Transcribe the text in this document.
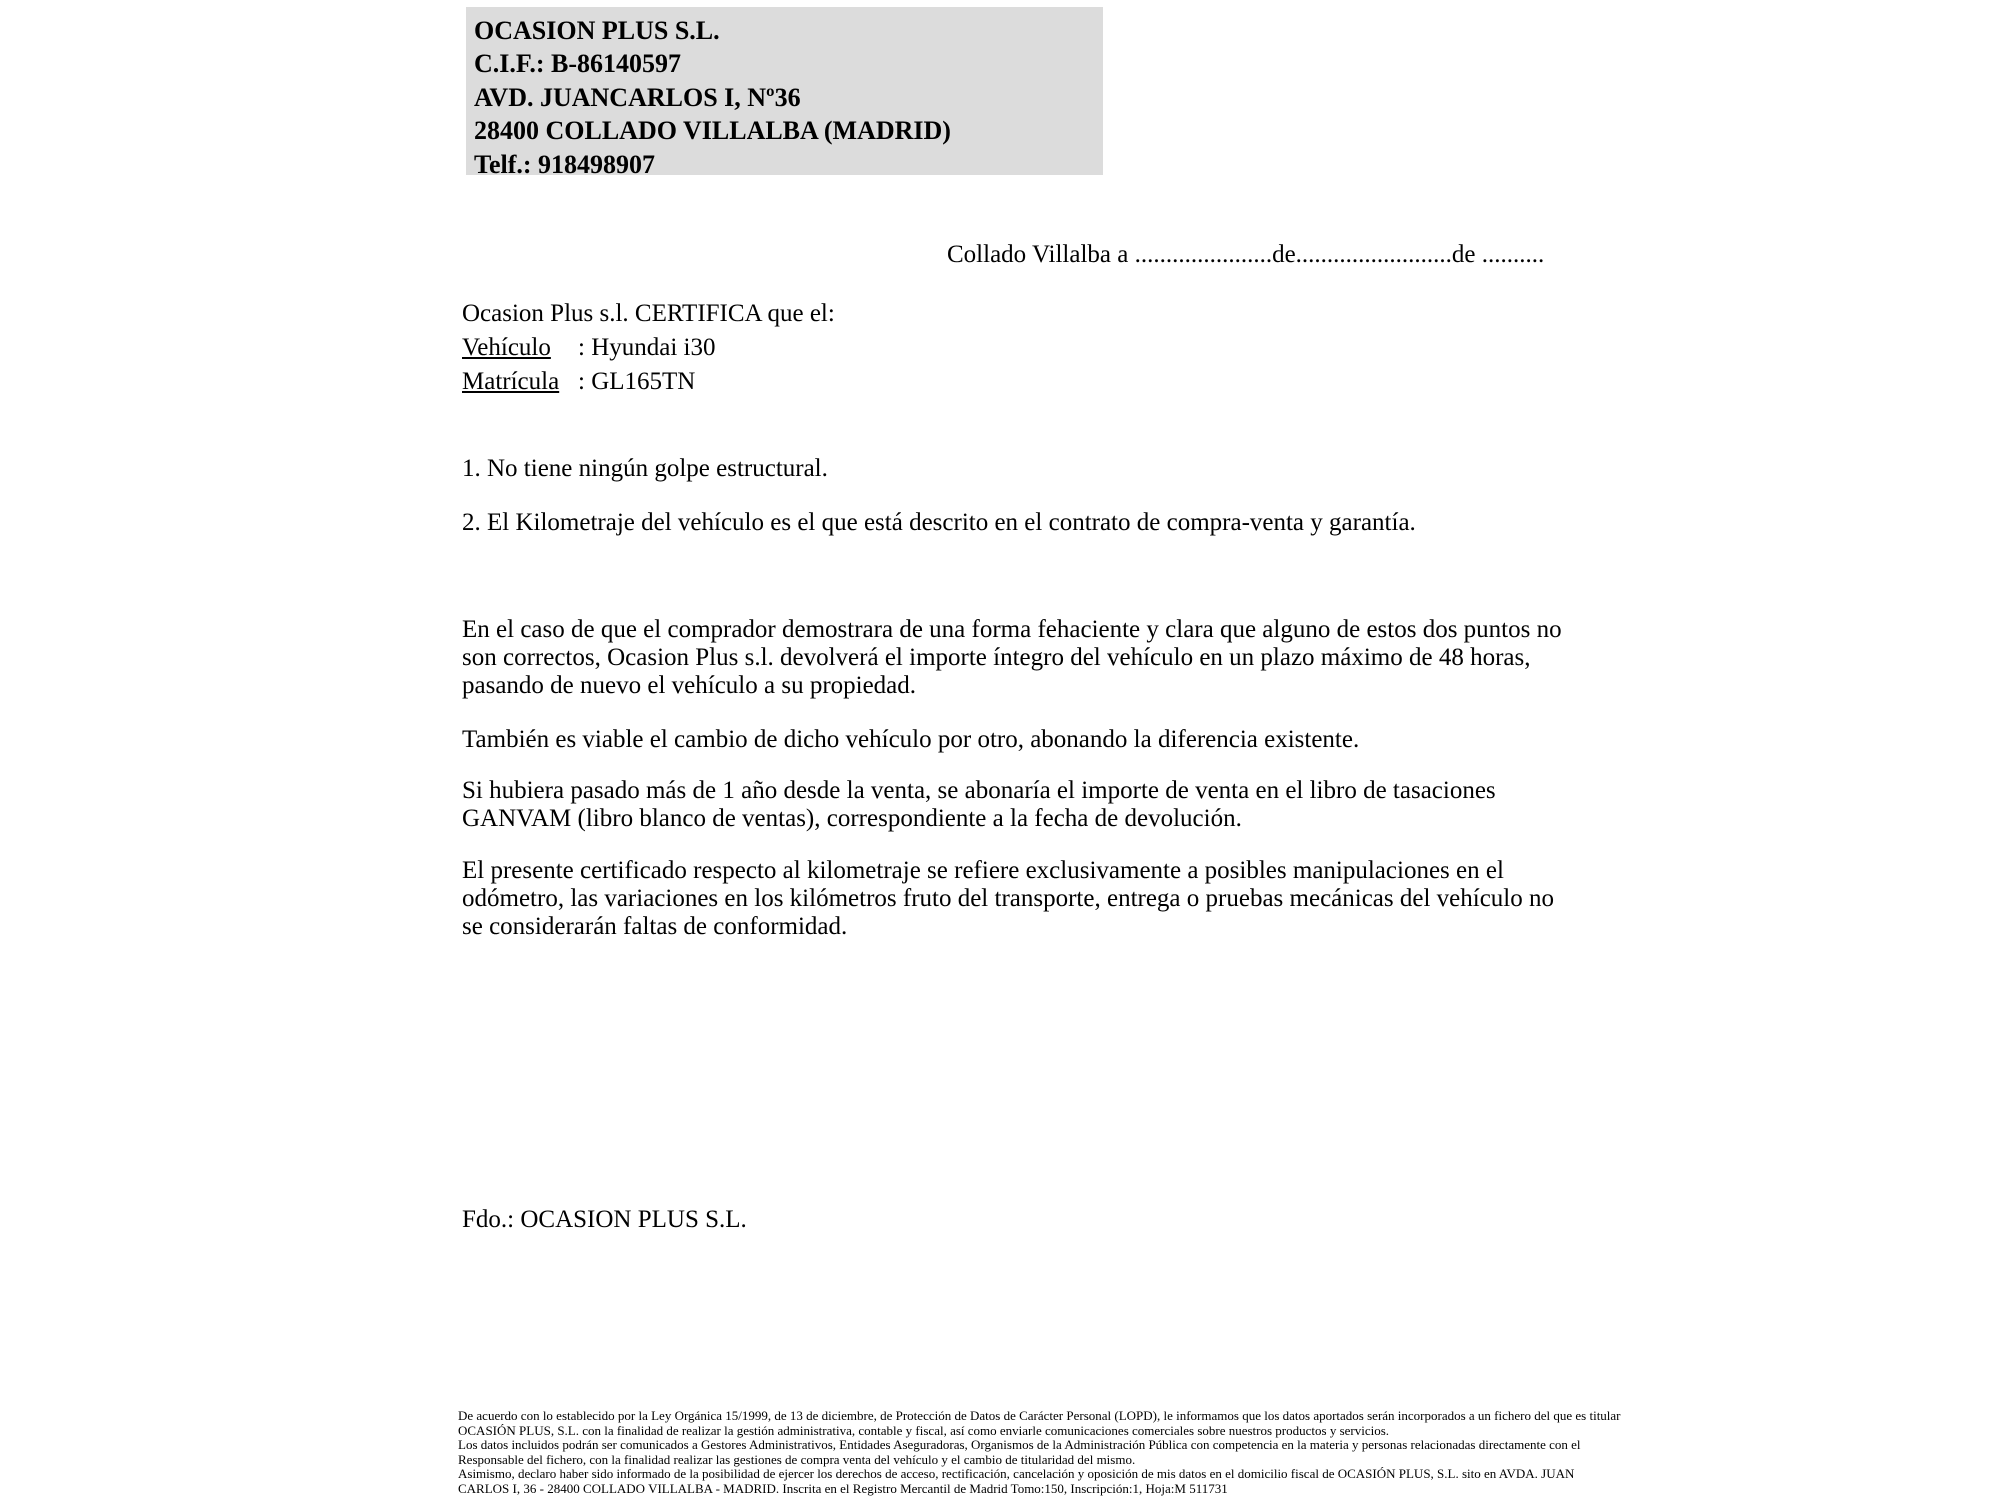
OCASION PLUS S.L.
C.I.F.: B-86140597
AVD. JUANCARLOS I, Nº36
28400 COLLADO VILLALBA (MADRID)
Telf.: 918498907
Collado Villalba a ......................de.........................de ..........
Ocasion Plus s.l. CERTIFICA que el:
Vehículo : Hyundai i30
Matrícula : GL165TN
1. No tiene ningún golpe estructural.
2. El Kilometraje del vehículo es el que está descrito en el contrato de compra-venta y garantía.
En el caso de que el comprador demostrara de una forma fehaciente y clara que alguno de estos dos puntos no
son correctos, Ocasion Plus s.l. devolverá el importe íntegro del vehículo en un plazo máximo de 48 horas,
pasando de nuevo el vehículo a su propiedad.
También es viable el cambio de dicho vehículo por otro, abonando la diferencia existente.
Si hubiera pasado más de 1 año desde la venta, se abonaría el importe de venta en el libro de tasaciones
GANVAM (libro blanco de ventas), correspondiente a la fecha de devolución.
El presente certificado respecto al kilometraje se refiere exclusivamente a posibles manipulaciones en el
odómetro, las variaciones en los kilómetros fruto del transporte, entrega o pruebas mecánicas del vehículo no
se considerarán faltas de conformidad.
Fdo.: OCASION PLUS S.L.
De acuerdo con lo establecido por la Ley Orgánica 15/1999, de 13 de diciembre, de Protección de Datos de Carácter Personal (LOPD), le informamos que los datos aportados serán incorporados a un fichero del que es titular
OCASIÓN PLUS, S.L. con la finalidad de realizar la gestión administrativa, contable y fiscal, así como enviarle comunicaciones comerciales sobre nuestros productos y servicios.
Los datos incluidos podrán ser comunicados a Gestores Administrativos, Entidades Aseguradoras, Organismos de la Administración Pública con competencia en la materia y personas relacionadas directamente con el
Responsable del fichero, con la finalidad realizar las gestiones de compra venta del vehículo y el cambio de titularidad del mismo.
Asimismo, declaro haber sido informado de la posibilidad de ejercer los derechos de acceso, rectificación, cancelación y oposición de mis datos en el domicilio fiscal de OCASIÓN PLUS, S.L. sito en AVDA. JUAN
CARLOS I, 36 - 28400 COLLADO VILLALBA - MADRID. Inscrita en el Registro Mercantil de Madrid Tomo:150, Inscripción:1, Hoja:M 511731
